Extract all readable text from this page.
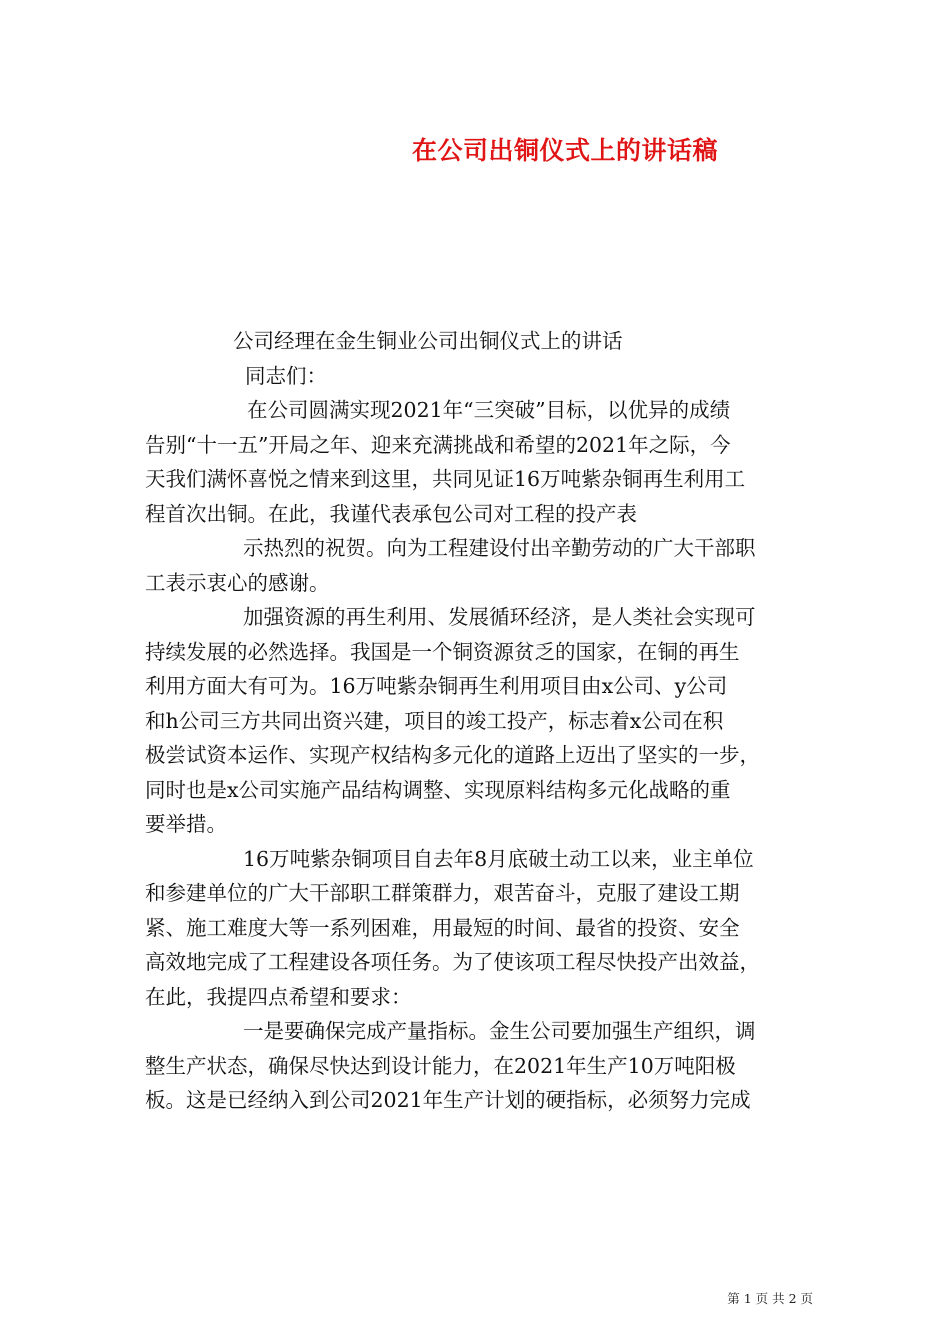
在公司出铜仪式上的讲话稿
公司经理在金生铜业公司出铜仪式上的讲话
同志们：
在公司圆满实现2021年“三突破”目标，以优异的成绩
告别“十一五”开局之年、迎来充满挑战和希望的2021年之际，今
天我们满怀喜悦之情来到这里，共同见证16万吨紫杂铜再生利用工
程首次出铜。在此，我谨代表承包公司对工程的投产表
示热烈的祝贺。向为工程建设付出辛勤劳动的广大干部职
工表示衷心的感谢。
加强资源的再生利用、发展循环经济，是人类社会实现可
持续发展的必然选择。我国是一个铜资源贫乏的国家，在铜的再生
利用方面大有可为。16万吨紫杂铜再生利用项目由x公司、y公司
和h公司三方共同出资兴建，项目的竣工投产，标志着x公司在积
极尝试资本运作、实现产权结构多元化的道路上迈出了坚实的一步，
同时也是x公司实施产品结构调整、实现原料结构多元化战略的重
要举措。
16万吨紫杂铜项目自去年8月底破土动工以来，业主单位
和参建单位的广大干部职工群策群力，艰苦奋斗，克服了建设工期
紧、施工难度大等一系列困难，用最短的时间、最省的投资、安全
高效地完成了工程建设各项任务。为了使该项工程尽快投产出效益，
在此，我提四点希望和要求：
一是要确保完成产量指标。金生公司要加强生产组织，调
整生产状态，确保尽快达到设计能力，在2021年生产10万吨阳极
板。这是已经纳入到公司2021年生产计划的硬指标，必须努力完成
第 1 页 共 2 页
